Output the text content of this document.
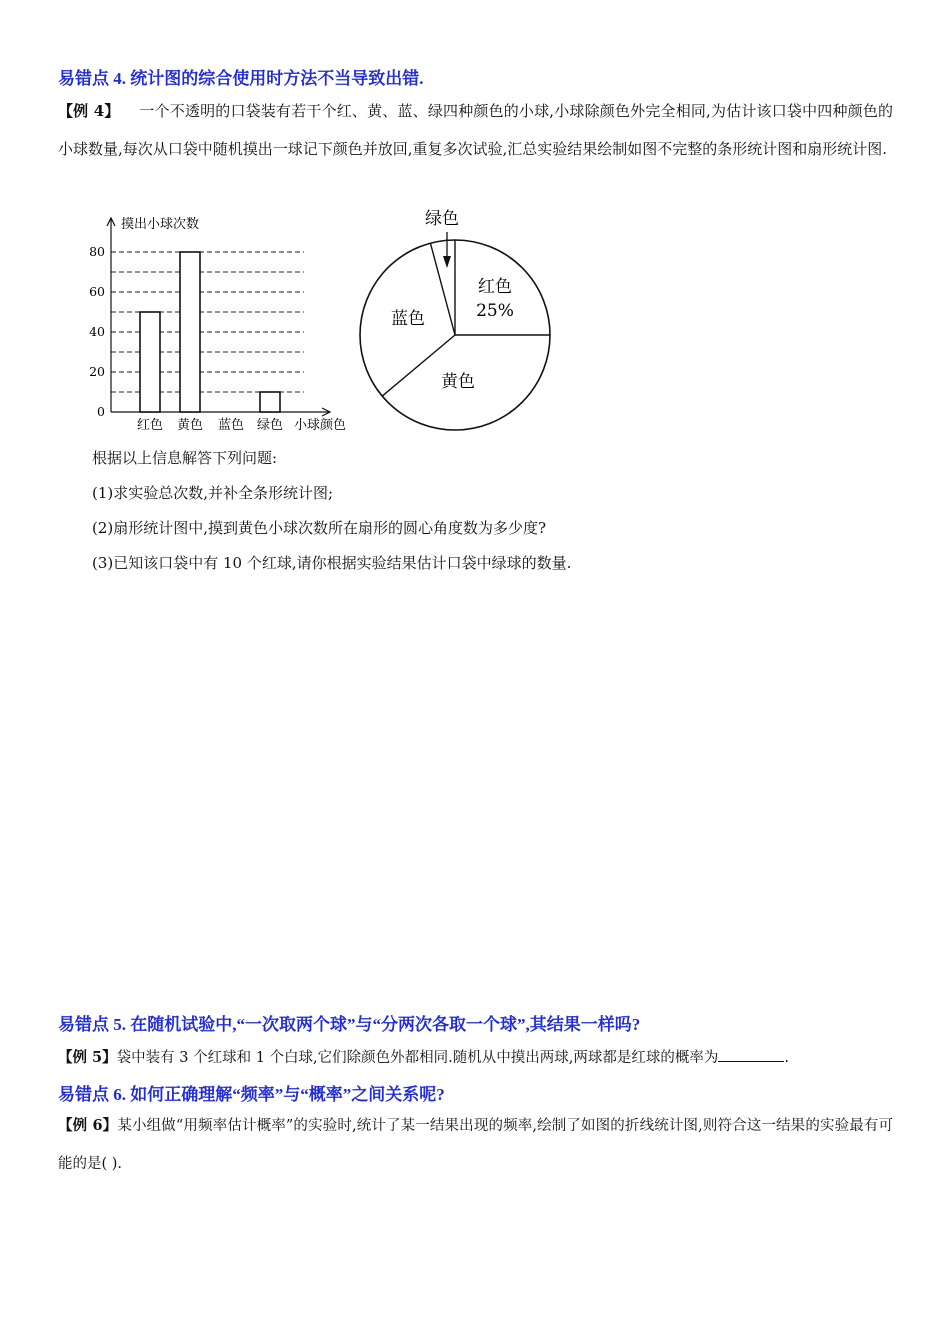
易错点 4. 统计图的综合使用时方法不当导致出错.
【例 4】 一个不透明的口袋装有若干个红、黄、蓝、绿四种颜色的小球,小球除颜色外完全相同,为估计该口袋中四种颜色的小球数量,每次从口袋中随机摸出一球记下颜色并放回,重复多次试验,汇总实验结果绘制如图不完整的条形统计图和扇形统计图.
摸出小球次数
小球颜色
0
20
40
60
80
红色 黄色 蓝色 绿色
红色
黄色
蓝色	25%
绿色
根据以上信息解答下列问题:
(1)求实验总次数,并补全条形统计图;
(2)扇形统计图中,摸到黄色小球次数所在扇形的圆心角度数为多少度?
(3)已知该口袋中有 10 个红球,请你根据实验结果估计口袋中绿球的数量.
易错点 5. 在随机试验中,“一次取两个球”与“分两次各取一个球”,其结果一样吗?
【例 5】袋中装有 3 个红球和 1 个白球,它们除颜色外都相同.随机从中摸出两球,两球都是红球的概率为	.
易错点 6. 如何正确理解“频率”与“概率”之间关系呢?
【例 6】某小组做“用频率估计概率”的实验时,统计了某一结果出现的频率,绘制了如图的折线统计图,则符合这一结果的实验最有可能的是( ).
